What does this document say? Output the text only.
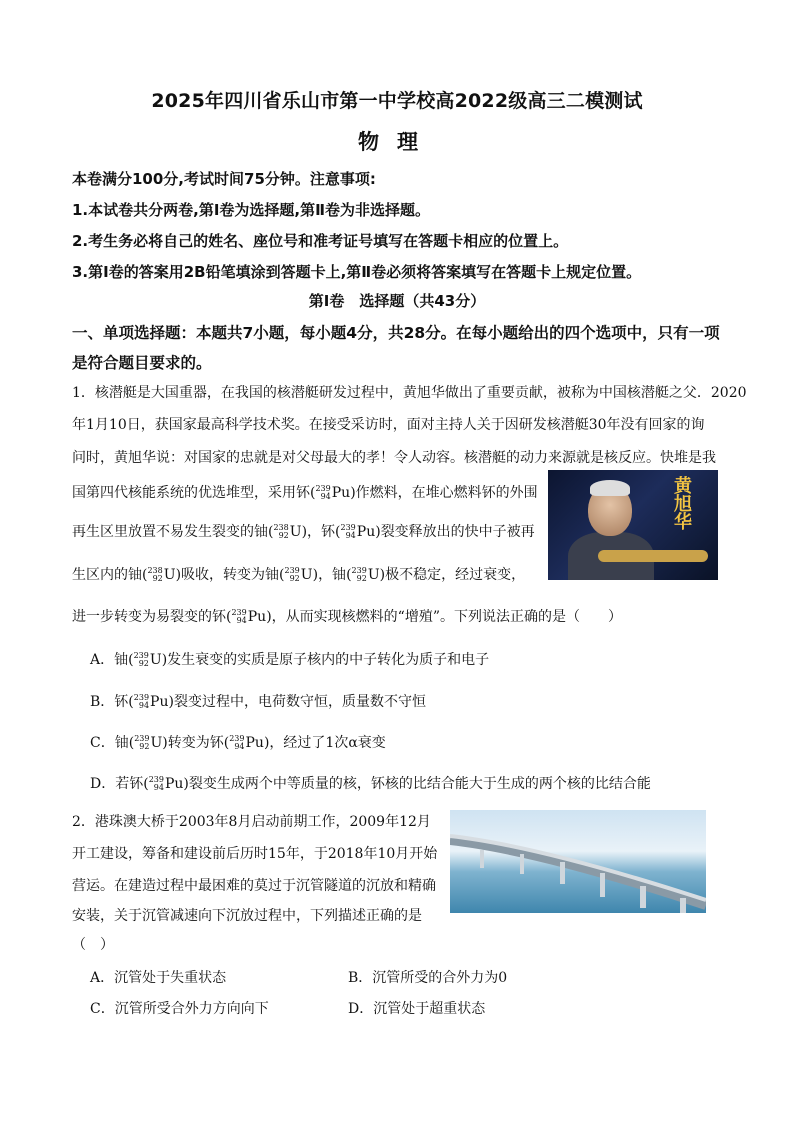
2025年四川省乐山市第一中学校高2022级高三二模测试
物理
本卷满分100分,考试时间75分钟。注意事项:
1.本试卷共分两卷,第Ⅰ卷为选择题,第Ⅱ卷为非选择题。
2.考生务必将自己的姓名、座位号和准考证号填写在答题卡相应的位置上。
3.第Ⅰ卷的答案用2B铅笔填涂到答题卡上,第Ⅱ卷必须将答案填写在答题卡上规定位置。
第Ⅰ卷　选择题（共43分）
一、单项选择题：本题共7小题，每小题4分，共28分。在每小题给出的四个选项中，只有一项是符合题目要求的。
1．核潜艇是大国重器，在我国的核潜艇研发过程中，黄旭华做出了重要贡献，被称为中国核潜艇之父．2020
年1月10日，获国家最高科学技术奖。在接受采访时，面对主持人关于因研发核潜艇30年没有回家的询
问时，黄旭华说：对国家的忠就是对父母最大的孝！令人动容。核潜艇的动力来源就是核反应。快堆是我
国第四代核能系统的优选堆型，采用钚( 239
94 Pu)作燃料，在堆心燃料钚的外围
再生区里放置不易发生裂变的铀( 238
92 U)，钚( 239
94 Pu)裂变释放出的快中子被再
生区内的铀( 238
92 U)吸收，转变为铀( 239
92 U)，铀( 239
92 U)极不稳定，经过衰变，
进一步转变为易裂变的钚( 239
94 Pu)，从而实现核燃料的“增殖”。下列说法正确的是（　　）
A．铀( 239
92 U)发生衰变的实质是原子核内的中子转化为质子和电子
B．钚( 239
94 Pu)裂变过程中，电荷数守恒，质量数不守恒
C．铀( 239
92 U)转变为钚( 239
94 Pu)，经过了1次α衰变
D．若钚( 239
94 Pu)裂变生成两个中等质量的核，钚核的比结合能大于生成的两个核的比结合能
黄旭华
2．港珠澳大桥于2003年8月启动前期工作，2009年12月
开工建设，筹备和建设前后历时15年，于2018年10月开始
营运。在建造过程中最困难的莫过于沉管隧道的沉放和精确
安装，关于沉管减速向下沉放过程中，下列描述正确的是
（　）
A．沉管处于失重状态	B．沉管所受的合外力为0
C．沉管所受合外力方向向下	D．沉管处于超重状态
